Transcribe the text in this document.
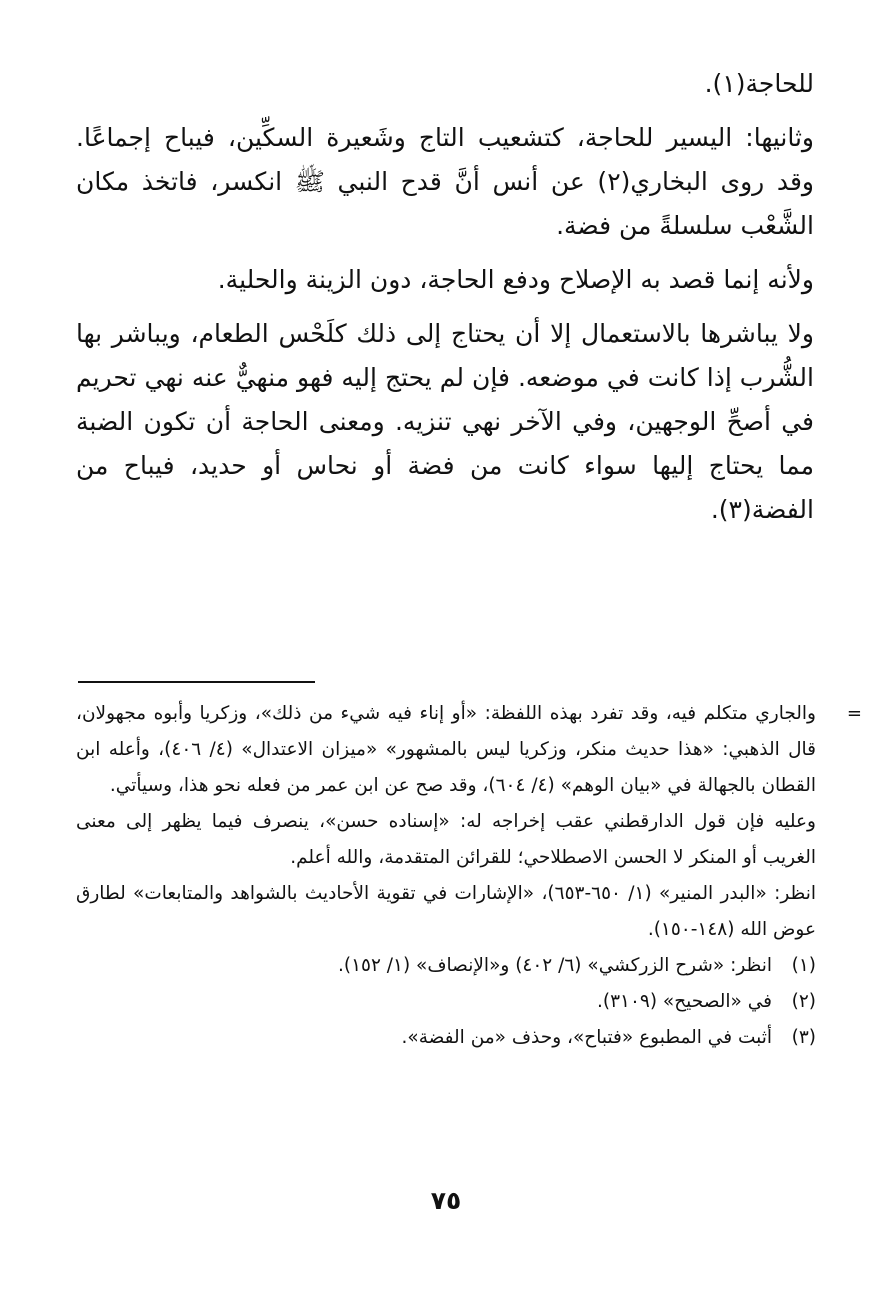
للحاجة(١).

وثانيها: اليسير للحاجة، كتشعيب التاج وشَعيرة السكِّين، فيباح إجماعًا. وقد روى البخاري(٢) عن أنس أنَّ قدح النبي ﷺ انكسر، فاتخذ مكان الشَّعْب سلسلةً من فضة.

ولأنه إنما قصد به الإصلاح ودفع الحاجة، دون الزينة والحلية.

ولا يباشرها بالاستعمال إلا أن يحتاج إلى ذلك كلَحْس الطعام، ويباشر بها الشُّرب إذا كانت في موضعه. فإن لم يحتج إليه فهو منهيٌّ عنه نهي تحريم في أصحِّ الوجهين، وفي الآخر نهي تنزيه. ومعنى الحاجة أن تكون الضبة مما يحتاج إليها سواء كانت من فضة أو نحاس أو حديد، فيباح من الفضة(٣).

=

والجاري متكلم فيه، وقد تفرد بهذه اللفظة: «أو إناء فيه شيء من ذلك»، وزكريا وأبوه مجهولان، قال الذهبي: «هذا حديث منكر، وزكريا ليس بالمشهور» «ميزان الاعتدال» (٤/ ٤٠٦)، وأعله ابن القطان بالجهالة في «بيان الوهم» (٤/ ٦٠٤)، وقد صح عن ابن عمر من فعله نحو هذا، وسيأتي.

وعليه فإن قول الدارقطني عقب إخراجه له: «إسناده حسن»، ينصرف فيما يظهر إلى معنى الغريب أو المنكر لا الحسن الاصطلاحي؛ للقرائن المتقدمة، والله أعلم.

انظر: «البدر المنير» (١/ ٦٥٠-٦٥٣)، «الإشارات في تقوية الأحاديث بالشواهد والمتابعات» لطارق عوض الله (١٤٨-١٥٠).

(١)
انظر: «شرح الزركشي» (٦/ ٤٠٢) و«الإنصاف» (١/ ١٥٢).
(٢)
في «الصحيح» (٣١٠٩).
(٣)
أثبت في المطبوع «فتباح»، وحذف «من الفضة».
٧٥
